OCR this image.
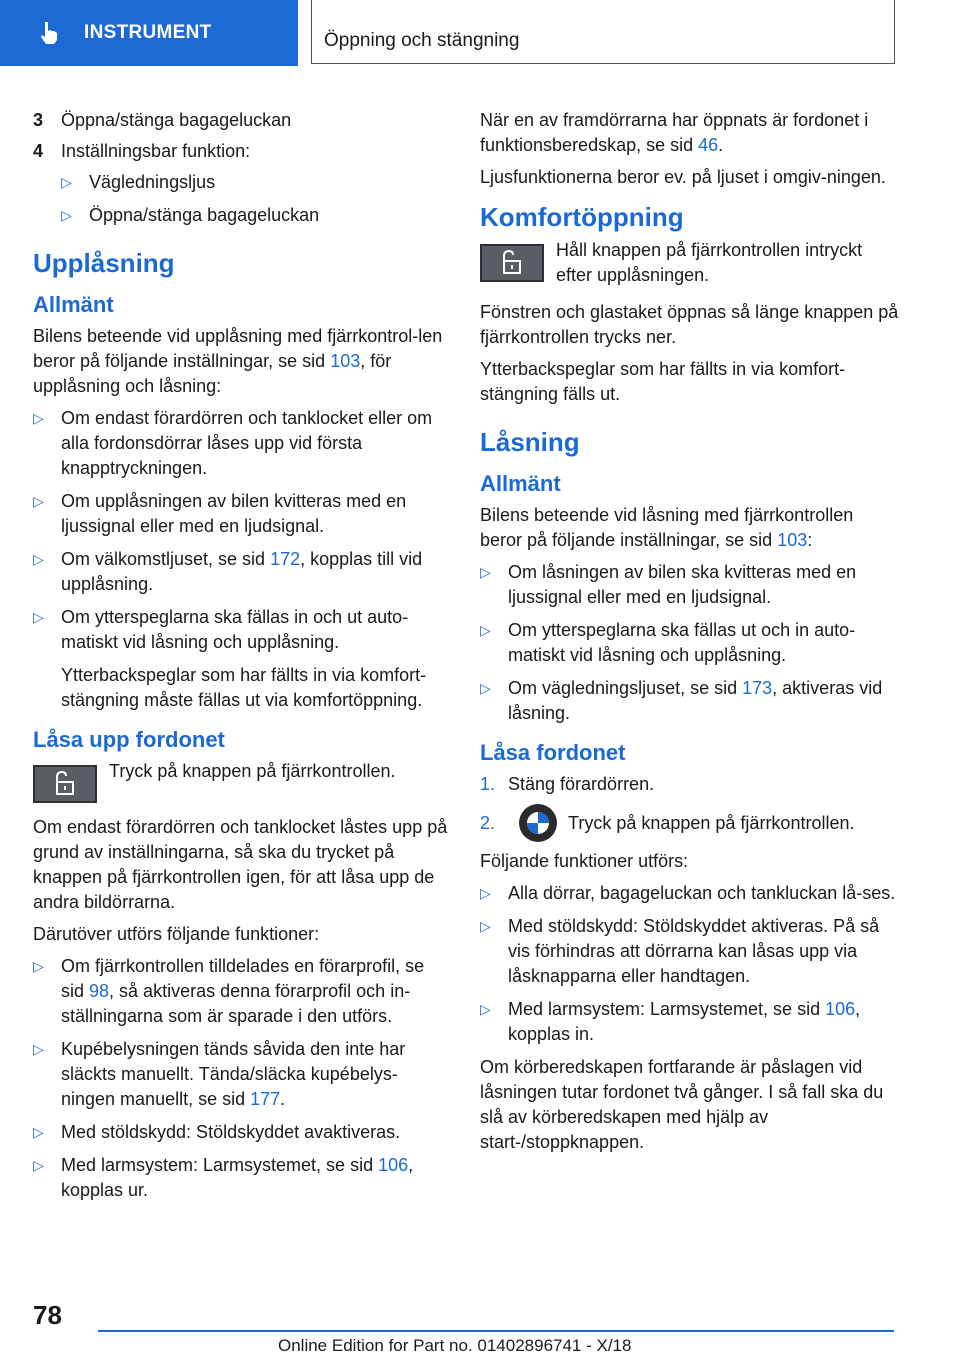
INSTRUMENT	Öppning och stängning
3 Öppna/stänga bagageluckan
4 Inställningsbar funktion:
▷ Vägledningsljus
▷ Öppna/stänga bagageluckan
Upplåsning
Allmänt

Bilens beteende vid upplåsning med fjärrkontrol-len beror på följande inställningar, se sid 103, för upplåsning och låsning:

▷ Om endast förardörren och tanklocket eller om alla fordonsdörrar låses upp vid första knapptryckningen.
▷ Om upplåsningen av bilen kvitteras med en ljussignal eller med en ljudsignal.
▷ Om välkomstljuset, se sid 172, kopplas till vid upplåsning.
▷ Om ytterspeglarna ska fällas in och ut auto-matiskt vid låsning och upplåsning.
Ytterbackspeglar som har fällts in via komfort-stängning måste fällas ut via komfortöppning.
Låsa upp fordonet
Tryck på knappen på fjärrkontrollen.

Om endast förardörren och tanklocket låstes upp på grund av inställningarna, så ska du trycket på knappen på fjärrkontrollen igen, för att låsa upp de andra bildörrarna.

Därutöver utförs följande funktioner:

▷ Om fjärrkontrollen tilldelades en förarprofil, se sid 98, så aktiveras denna förarprofil och in-ställningarna som är sparade i den utförs.
▷ Kupébelysningen tänds såvida den inte har släckts manuellt. Tända/släcka kupébelys-ningen manuellt, se sid 177.
▷ Med stöldskydd: Stöldskyddet avaktiveras.
▷ Med larmsystem: Larmsystemet, se sid 106, kopplas ur.

När en av framdörrarna har öppnats är fordonet i funktionsberedskap, se sid 46.

Ljusfunktionerna beror ev. på ljuset i omgiv-ningen.

Komfortöppning
Håll knappen på fjärrkontrollen intryckt efter upplåsningen.

Fönstren och glastaket öppnas så länge knappen på fjärrkontrollen trycks ner.

Ytterbackspeglar som har fällts in via komfort-stängning fälls ut.

Låsning
Allmänt

Bilens beteende vid låsning med fjärrkontrollen beror på följande inställningar, se sid 103:

▷ Om låsningen av bilen ska kvitteras med en ljussignal eller med en ljudsignal.
▷ Om ytterspeglarna ska fällas ut och in auto-matiskt vid låsning och upplåsning.
▷ Om vägledningsljuset, se sid 173, aktiveras vid låsning.
Låsa fordonet
1. Stäng förardörren.
2.	Tryck på knappen på fjärrkontrollen.

Följande funktioner utförs:

▷ Alla dörrar, bagageluckan och tankluckan lå-ses.
▷ Med stöldskydd: Stöldskyddet aktiveras. På så vis förhindras att dörrarna kan låsas upp via låsknapparna eller handtagen.
▷ Med larmsystem: Larmsystemet, se sid 106, kopplas in.

Om körberedskapen fortfarande är påslagen vid låsningen tutar fordonet två gånger. I så fall ska du slå av körberedskapen med hjälp av start-/stoppknappen.

78
Online Edition for Part no. 01402896741 - X/18
